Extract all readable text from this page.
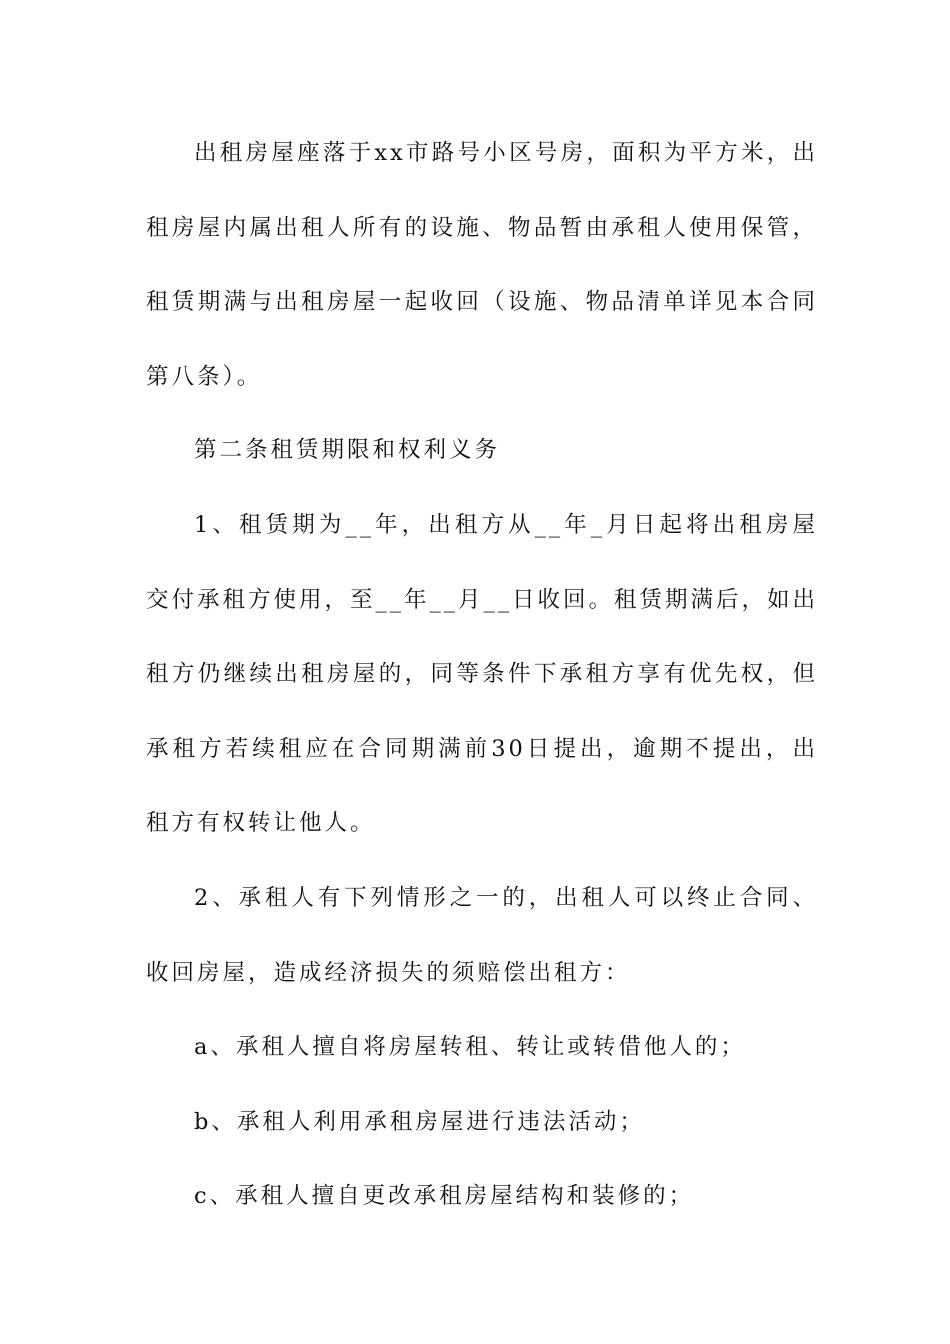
出租房屋座落于xx市路号小区号房，面积为平方米，出租房屋内属出租人所有的设施、物品暂由承租人使用保管，租赁期满与出租房屋一起收回（设施、物品清单详见本合同第八条）。

第二条租赁期限和权利义务

1、租赁期为__年，出租方从__年_月日起将出租房屋交付承租方使用，至__年__月__日收回。租赁期满后，如出租方仍继续出租房屋的，同等条件下承租方享有优先权，但承租方若续租应在合同期满前30日提出，逾期不提出，出租方有权转让他人。

2、承租人有下列情形之一的，出租人可以终止合同、收回房屋，造成经济损失的须赔偿出租方：

a、承租人擅自将房屋转租、转让或转借他人的；

b、承租人利用承租房屋进行违法活动；

c、承租人擅自更改承租房屋结构和装修的；
